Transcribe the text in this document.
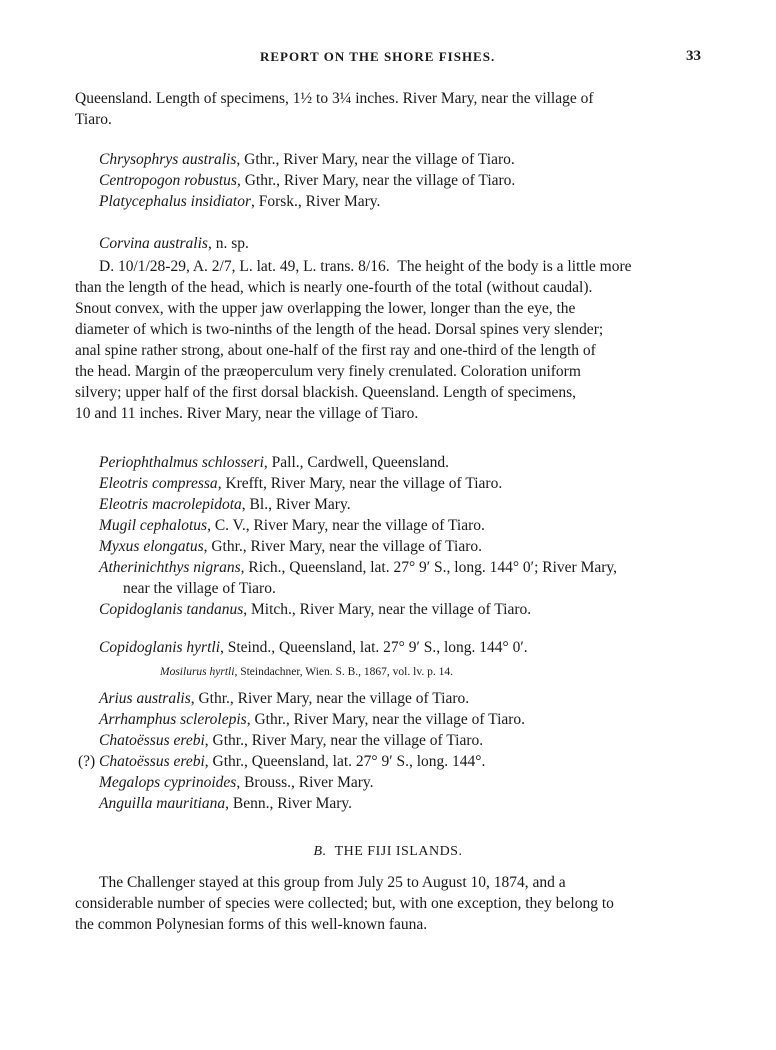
REPORT ON THE SHORE FISHES.	33
Queensland. Length of specimens, 1½ to 3¼ inches. River Mary, near the village of
Tiaro.
Chrysophrys australis, Gthr., River Mary, near the village of Tiaro.
Centropogon robustus, Gthr., River Mary, near the village of Tiaro.
Platycephalus insidiator, Forsk., River Mary.
Corvina australis, n. sp.
D. 10/1/28-29, A. 2/7, L. lat. 49, L. trans. 8/16. The height of the body is a little more
than the length of the head, which is nearly one-fourth of the total (without caudal).
Snout convex, with the upper jaw overlapping the lower, longer than the eye, the
diameter of which is two-ninths of the length of the head. Dorsal spines very slender;
anal spine rather strong, about one-half of the first ray and one-third of the length of
the head. Margin of the præoperculum very finely crenulated. Coloration uniform
silvery; upper half of the first dorsal blackish. Queensland. Length of specimens,
10 and 11 inches. River Mary, near the village of Tiaro.
Periophthalmus schlosseri, Pall., Cardwell, Queensland.
Eleotris compressa, Krefft, River Mary, near the village of Tiaro.
Eleotris macrolepidota, Bl., River Mary.
Mugil cephalotus, C. V., River Mary, near the village of Tiaro.
Myxus elongatus, Gthr., River Mary, near the village of Tiaro.
Atherinichthys nigrans, Rich., Queensland, lat. 27° 9′ S., long. 144° 0′; River Mary,
near the village of Tiaro.
Copidoglanis tandanus, Mitch., River Mary, near the village of Tiaro.
Copidoglanis hyrtli, Steind., Queensland, lat. 27° 9′ S., long. 144° 0′.
Mosilurus hyrtli, Steindachner, Wien. S. B., 1867, vol. lv. p. 14.
Arius australis, Gthr., River Mary, near the village of Tiaro.
Arrhamphus sclerolepis, Gthr., River Mary, near the village of Tiaro.
Chatoëssus erebi, Gthr., River Mary, near the village of Tiaro.
Chatoëssus erebi, Gthr., Queensland, lat. 27° 9′ S., long. 144°.
Megalops cyprinoides, Brouss., River Mary.
Anguilla mauritiana, Benn., River Mary.
(?)
B. THE FIJI ISLANDS.
The Challenger stayed at this group from July 25 to August 10, 1874, and a
considerable number of species were collected; but, with one exception, they belong to
the common Polynesian forms of this well-known fauna.
